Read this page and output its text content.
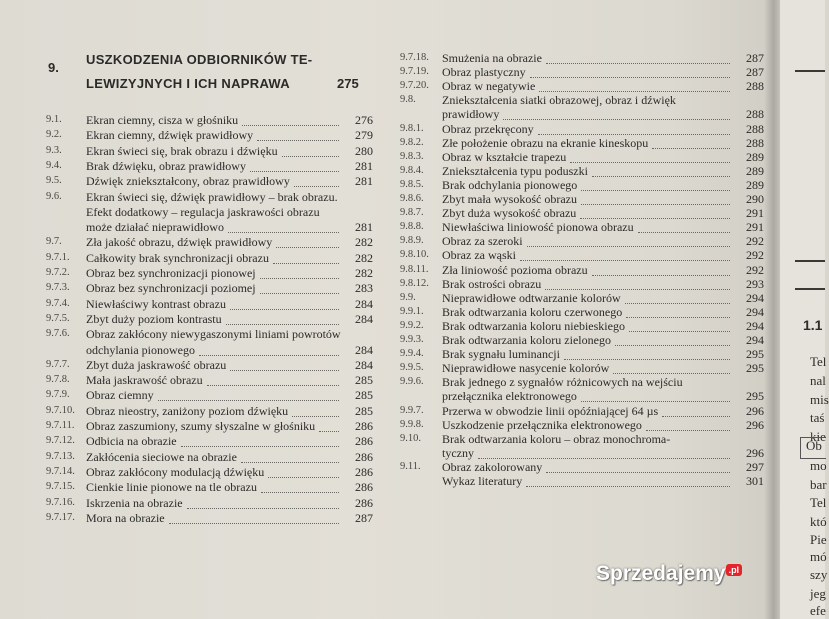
9.
USZKODZENIA ODBIORNIKÓW TE-
LEWIZYJNYCH I ICH NAPRAWA	275
9.1. Ekran ciemny, cisza w głośniku	276
9.2. Ekran ciemny, dźwięk prawidłowy	279
9.3. Ekran świeci się, brak obrazu i dźwięku	280
9.4. Brak dźwięku, obraz prawidłowy	281
9.5. Dźwięk zniekształcony, obraz prawidłowy	281
9.6. Ekran świeci się, dźwięk prawidłowy – brak obrazu.
Efekt dodatkowy – regulacja jaskrawości obrazu
może działać nieprawidłowo	281
9.7. Zła jakość obrazu, dźwięk prawidłowy	282
9.7.1. Całkowity brak synchronizacji obrazu	282
9.7.2. Obraz bez synchronizacji pionowej	282
9.7.3. Obraz bez synchronizacji poziomej	283
9.7.4. Niewłaściwy kontrast obrazu	284
9.7.5. Zbyt duży poziom kontrastu	284
9.7.6. Obraz zakłócony niewygaszonymi liniami powrotów
odchylania pionowego	284
9.7.7. Zbyt duża jaskrawość obrazu	284
9.7.8. Mała jaskrawość obrazu	285
9.7.9. Obraz ciemny	285
9.7.10. Obraz nieostry, zaniżony poziom dźwięku	285
9.7.11. Obraz zaszumiony, szumy słyszalne w głośniku	286
9.7.12. Odbicia na obrazie	286
9.7.13. Zakłócenia sieciowe na obrazie	286
9.7.14. Obraz zakłócony modulacją dźwięku	286
9.7.15. Cienkie linie pionowe na tle obrazu	286
9.7.16. Iskrzenia na obrazie	286
9.7.17. Mora na obrazie	287
9.7.18. Smużenia na obrazie	287
9.7.19. Obraz plastyczny	287
9.7.20. Obraz w negatywie	288
9.8. Zniekształcenia siatki obrazowej, obraz i dźwięk
prawidłowy	288
9.8.1. Obraz przekręcony	288
9.8.2. Złe położenie obrazu na ekranie kineskopu	288
9.8.3. Obraz w kształcie trapezu	289
9.8.4. Zniekształcenia typu poduszki	289
9.8.5. Brak odchylania pionowego	289
9.8.6. Zbyt mała wysokość obrazu	290
9.8.7. Zbyt duża wysokość obrazu	291
9.8.8. Niewłaściwa liniowość pionowa obrazu	291
9.8.9. Obraz za szeroki	292
9.8.10. Obraz za wąski	292
9.8.11. Zła liniowość pozioma obrazu	292
9.8.12. Brak ostrości obrazu	293
9.9. Nieprawidłowe odtwarzanie kolorów	294
9.9.1. Brak odtwarzania koloru czerwonego	294
9.9.2. Brak odtwarzania koloru niebieskiego	294
9.9.3. Brak odtwarzania koloru zielonego	294
9.9.4. Brak sygnału luminancji	295
9.9.5. Nieprawidłowe nasycenie kolorów	295
9.9.6. Brak jednego z sygnałów różnicowych na wejściu
przełącznika elektronowego	295
9.9.7. Przerwa w obwodzie linii opóźniającej 64 µs	296
9.9.8. Uszkodzenie przełącznika elektronowego	296
9.10. Brak odtwarzania koloru – obraz monochroma-
tyczny	296
9.11. Obraz zakolorowany	297
Wykaz literatury	301
1.1
Tel
nal
mis
taś
kie
Ob
mo
bar
Tel
któ
Pie
mó
szy
jeg
efe
Sprzedajemy .pl
